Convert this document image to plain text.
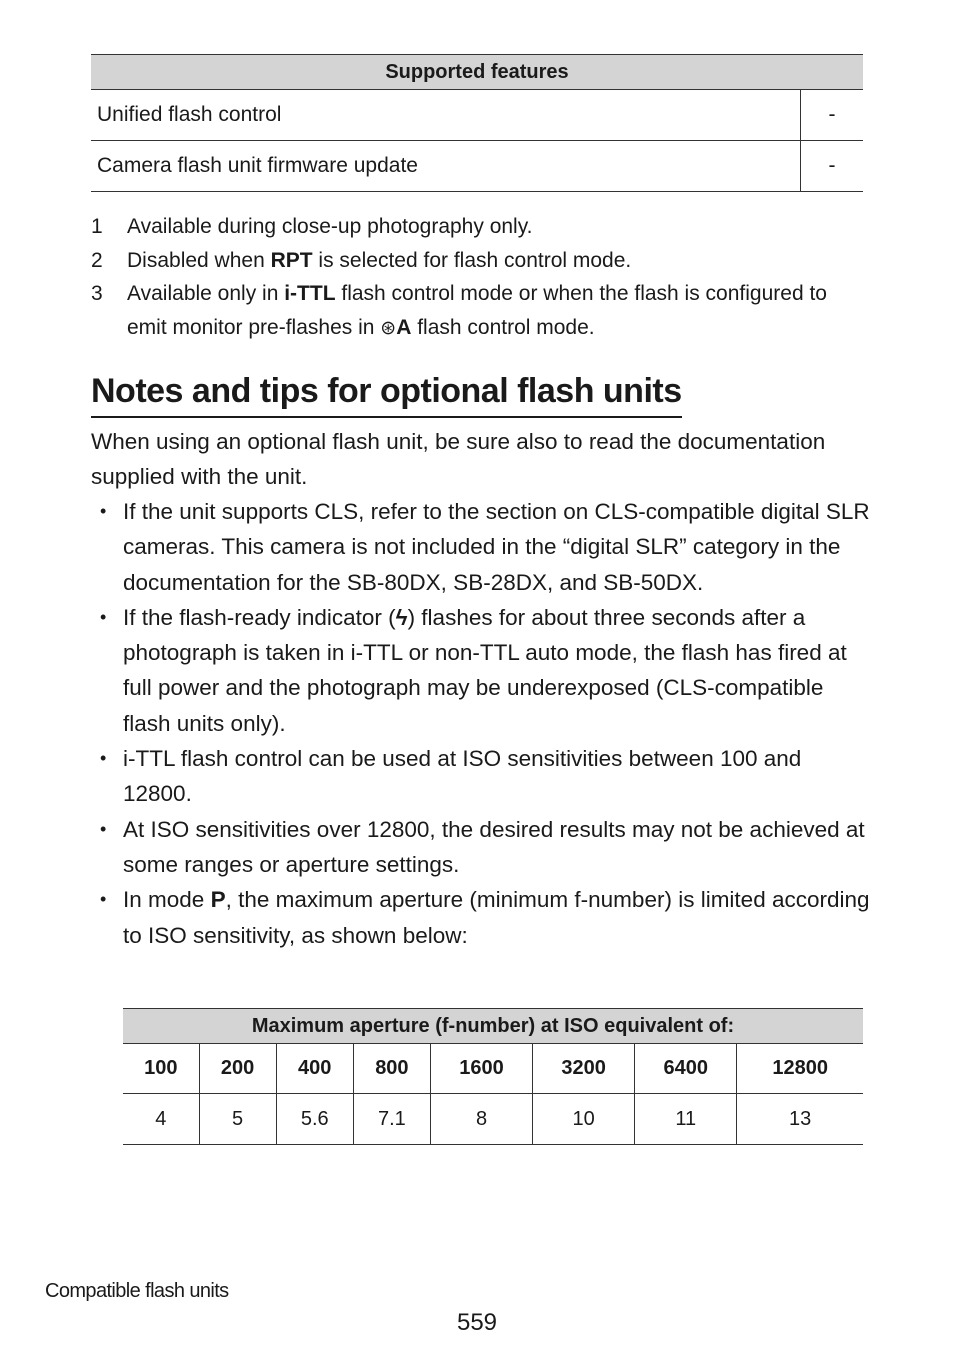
Supported features	
Unified flash control	-
Camera flash unit firmware update	-
1 Available during close-up photography only.
2 Disabled when RPT is selected for flash control mode.
3 Available only in i-TTL flash control mode or when the flash is configured to emit monitor pre-flashes in ⊛A flash control mode.
Notes and tips for optional flash units

When using an optional flash unit, be sure also to read the documentation supplied with the unit.

• If the unit supports CLS, refer to the section on CLS-compatible digital SLR cameras. This camera is not included in the “digital SLR” category in the documentation for the SB-80DX, SB-28DX, and SB-50DX.
• If the flash-ready indicator (ϟ) flashes for about three seconds after a photograph is taken in i-TTL or non-TTL auto mode, the flash has fired at full power and the photograph may be underexposed (CLS-compatible flash units only).
• i-TTL flash control can be used at ISO sensitivities between 100 and 12800.
• At ISO sensitivities over 12800, the desired results may not be achieved at some ranges or aperture settings.
• In mode P, the maximum aperture (minimum f-number) is limited according to ISO sensitivity, as shown below:
Maximum aperture (f-number) at ISO equivalent of:							
100	200	400	800	1600	3200	6400	12800
4	5	5.6	7.1	8	10	11	13
Compatible flash units
559
